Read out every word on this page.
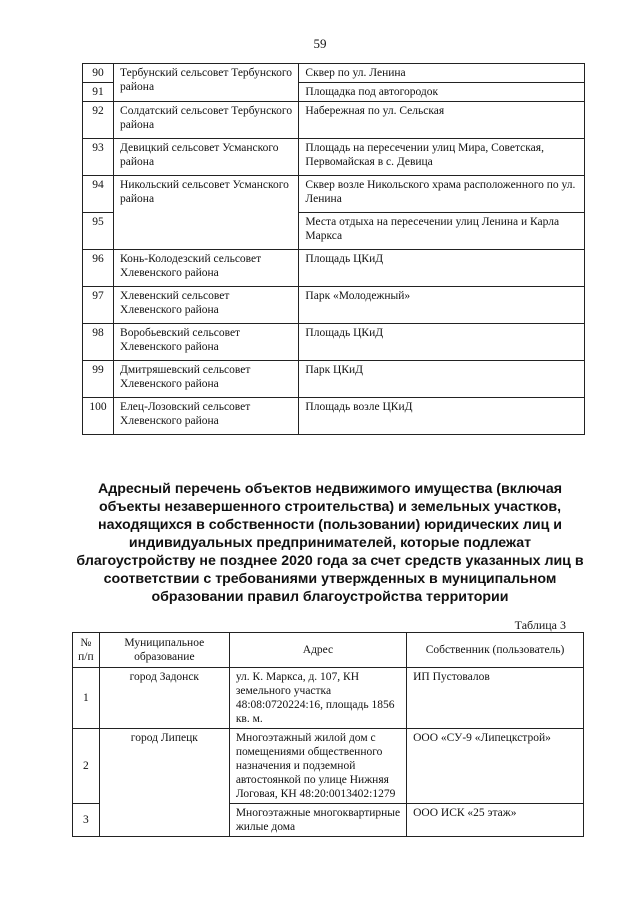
59
90	Тербунский сельсовет Тербунского района	Сквер по ул. Ленина
91		Площадка под автогородок
92	Солдатский сельсовет Тербунского района	Набережная по ул. Сельская
93	Девицкий сельсовет Усманского района	Площадь на пересечении улиц Мира, Советская, Первомайская в с. Девица
94	Никольский сельсовет Усманского района	Сквер возле Никольского храма расположенного по ул. Ленина
95		Места отдыха на пересечении улиц Ленина и Карла Маркса
96	Конь-Колодезский сельсовет Хлевенского района	Площадь ЦКиД
97	Хлевенский сельсовет Хлевенского района	Парк «Молодежный»
98	Воробьевский сельсовет Хлевенского района	Площадь ЦКиД
99	Дмитряшевский сельсовет Хлевенского района	Парк ЦКиД
100	Елец-Лозовский сельсовет Хлевенского района	Площадь возле ЦКиД
Адресный перечень объектов недвижимого имущества (включая объекты незавершенного строительства) и земельных участков, находящихся в собственности (пользовании) юридических лиц и индивидуальных предпринимателей, которые подлежат благоустройству не позднее 2020 года за счет средств указанных лиц в соответствии с требованиями утвержденных в муниципальном образовании правил благоустройства территории
Таблица 3
№ п/п	Муниципальное образование	Адрес	Собственник (пользователь)
1	город Задонск	ул. К. Маркса, д. 107, КН земельного участка 48:08:0720224:16, площадь 1856 кв. м.	ИП Пустовалов
2	город Липецк	Многоэтажный жилой дом с помещениями общественного назначения и подземной автостоянкой по улице Нижняя Логовая, КН 48:20:0013402:1279	ООО «СУ-9 «Липецкстрой»
3		Многоэтажные многоквартирные жилые дома	ООО ИСК «25 этаж»
